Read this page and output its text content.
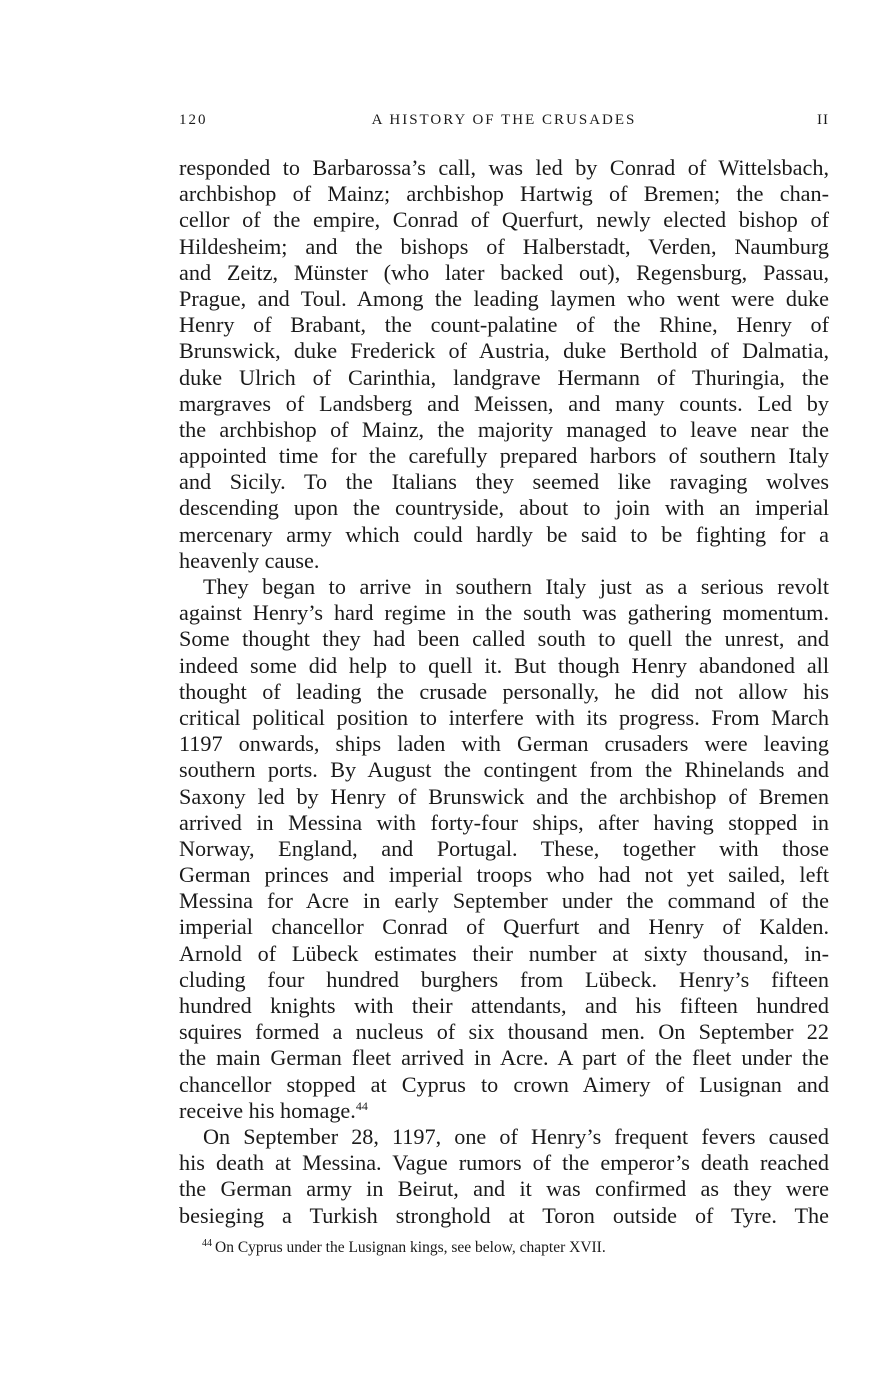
120	A HISTORY OF THE CRUSADES	II
responded to Barbarossa’s call, was led by Conrad of Wittelsbach,
archbishop of Mainz; archbishop Hartwig of Bremen; the chan-
cellor of the empire, Conrad of Querfurt, newly elected bishop of
Hildesheim; and the bishops of Halberstadt, Verden, Naumburg
and Zeitz, Münster (who later backed out), Regensburg, Passau,
Prague, and Toul. Among the leading laymen who went were duke
Henry of Brabant, the count-palatine of the Rhine, Henry of
Brunswick, duke Frederick of Austria, duke Berthold of Dalmatia,
duke Ulrich of Carinthia, landgrave Hermann of Thuringia, the
margraves of Landsberg and Meissen, and many counts. Led by
the archbishop of Mainz, the majority managed to leave near the
appointed time for the carefully prepared harbors of southern Italy
and Sicily. To the Italians they seemed like ravaging wolves
descending upon the countryside, about to join with an imperial
mercenary army which could hardly be said to be fighting for a
heavenly cause.
They began to arrive in southern Italy just as a serious revolt
against Henry’s hard regime in the south was gathering momentum.
Some thought they had been called south to quell the unrest, and
indeed some did help to quell it. But though Henry abandoned all
thought of leading the crusade personally, he did not allow his
critical political position to interfere with its progress. From March
1197 onwards, ships laden with German crusaders were leaving
southern ports. By August the contingent from the Rhinelands and
Saxony led by Henry of Brunswick and the archbishop of Bremen
arrived in Messina with forty-four ships, after having stopped in
Norway, England, and Portugal. These, together with those
German princes and imperial troops who had not yet sailed, left
Messina for Acre in early September under the command of the
imperial chancellor Conrad of Querfurt and Henry of Kalden.
Arnold of Lübeck estimates their number at sixty thousand, in-
cluding four hundred burghers from Lübeck. Henry’s fifteen
hundred knights with their attendants, and his fifteen hundred
squires formed a nucleus of six thousand men. On September 22
the main German fleet arrived in Acre. A part of the fleet under the
chancellor stopped at Cyprus to crown Aimery of Lusignan and
receive his homage.$^{44}$
On September 28, 1197, one of Henry’s frequent fevers caused
his death at Messina. Vague rumors of the emperor’s death reached
the German army in Beirut, and it was confirmed as they were
besieging a Turkish stronghold at Toron outside of Tyre. The
$^{44}$ On Cyprus under the Lusignan kings, see below, chapter XVII.
